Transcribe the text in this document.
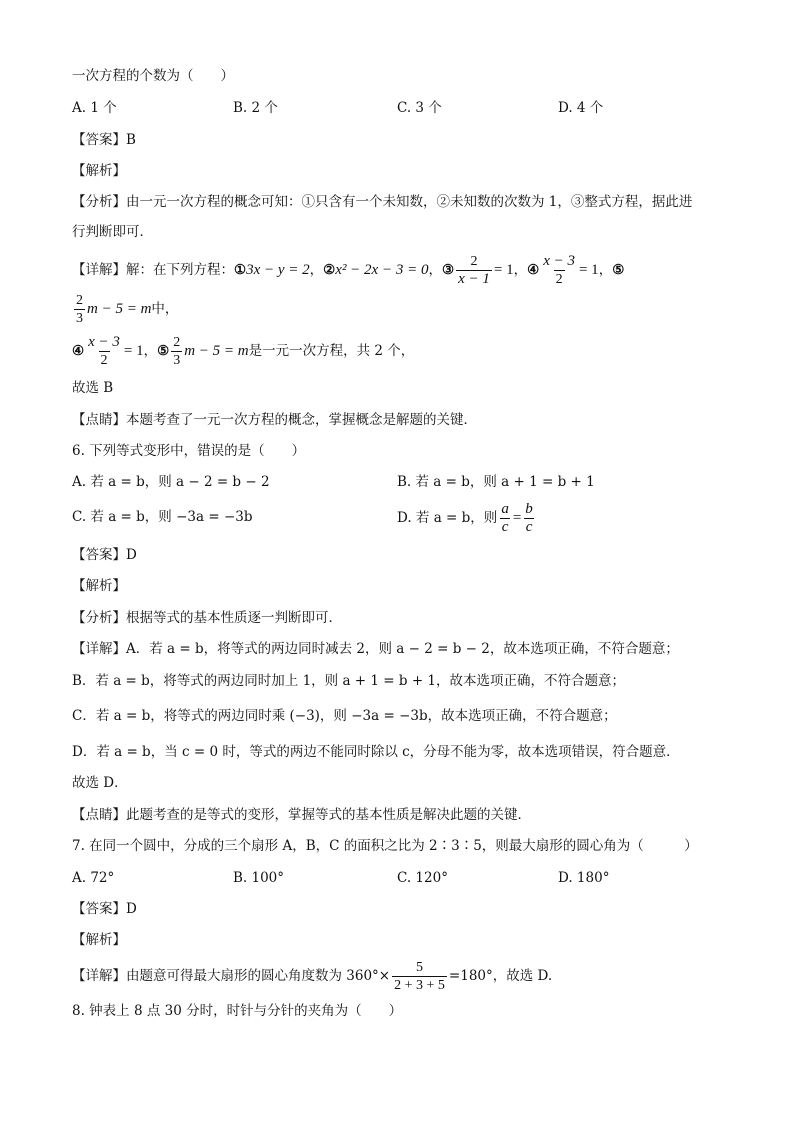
一次方程的个数为（　　）
A. 1 个	B. 2 个	C. 3 个	D. 4 个
【答案】B
【解析】
【分析】由一元一次方程的概念可知：①只含有一个未知数，②未知数的次数为 1，③整式方程，据此进
行判断即可．
【详解】解：在下列方程：①3x − y = 2，②x² − 2x − 3 = 0，③ $\frac{2}{x - 1} = 1$，④ $\frac{x - 3}{2} = 1$，⑤
$\frac{2}{3}$ m − 5 = m中，
④ $\frac{x - 3}{2} = 1$，⑤ $\frac{2}{3}$ m − 5 = m是一元一次方程，共 2 个，
故选 B
【点睛】本题考查了一元一次方程的概念，掌握概念是解题的关键．
6. 下列等式变形中，错误的是（　　）
A. 若 a = b，则 a − 2 = b − 2	B. 若 a = b，则 a + 1 = b + 1
C. 若 a = b，则 −3a = −3b	D. 若 a = b，则 $\frac{a}{c} = \frac{b}{c}$
【答案】D
【解析】
【分析】根据等式的基本性质逐一判断即可．
【详解】A．若 a = b，将等式的两边同时减去 2，则 a − 2 = b − 2，故本选项正确，不符合题意；
B．若 a = b，将等式的两边同时加上 1，则 a + 1 = b + 1，故本选项正确，不符合题意；
C．若 a = b，将等式的两边同时乘 (−3)，则 −3a = −3b，故本选项正确，不符合题意；
D．若 a = b，当 c = 0 时，等式的两边不能同时除以 c，分母不能为零，故本选项错误，符合题意．
故选 D．
【点睛】此题考查的是等式的变形，掌握等式的基本性质是解决此题的关键．
7. 在同一个圆中，分成的三个扇形 A，B，C 的面积之比为 2∶3∶5，则最大扇形的圆心角为（　　　）
A. 72°	B. 100°	C. 120°	D. 180°
【答案】D
【解析】
【详解】由题意可得最大扇形的圆心角度数为 $360^\circ\times \frac{5}{2 + 3 + 5} =180^\circ$，故选 D.
8. 钟表上 8 点 30 分时，时针与分针的夹角为（　　）
